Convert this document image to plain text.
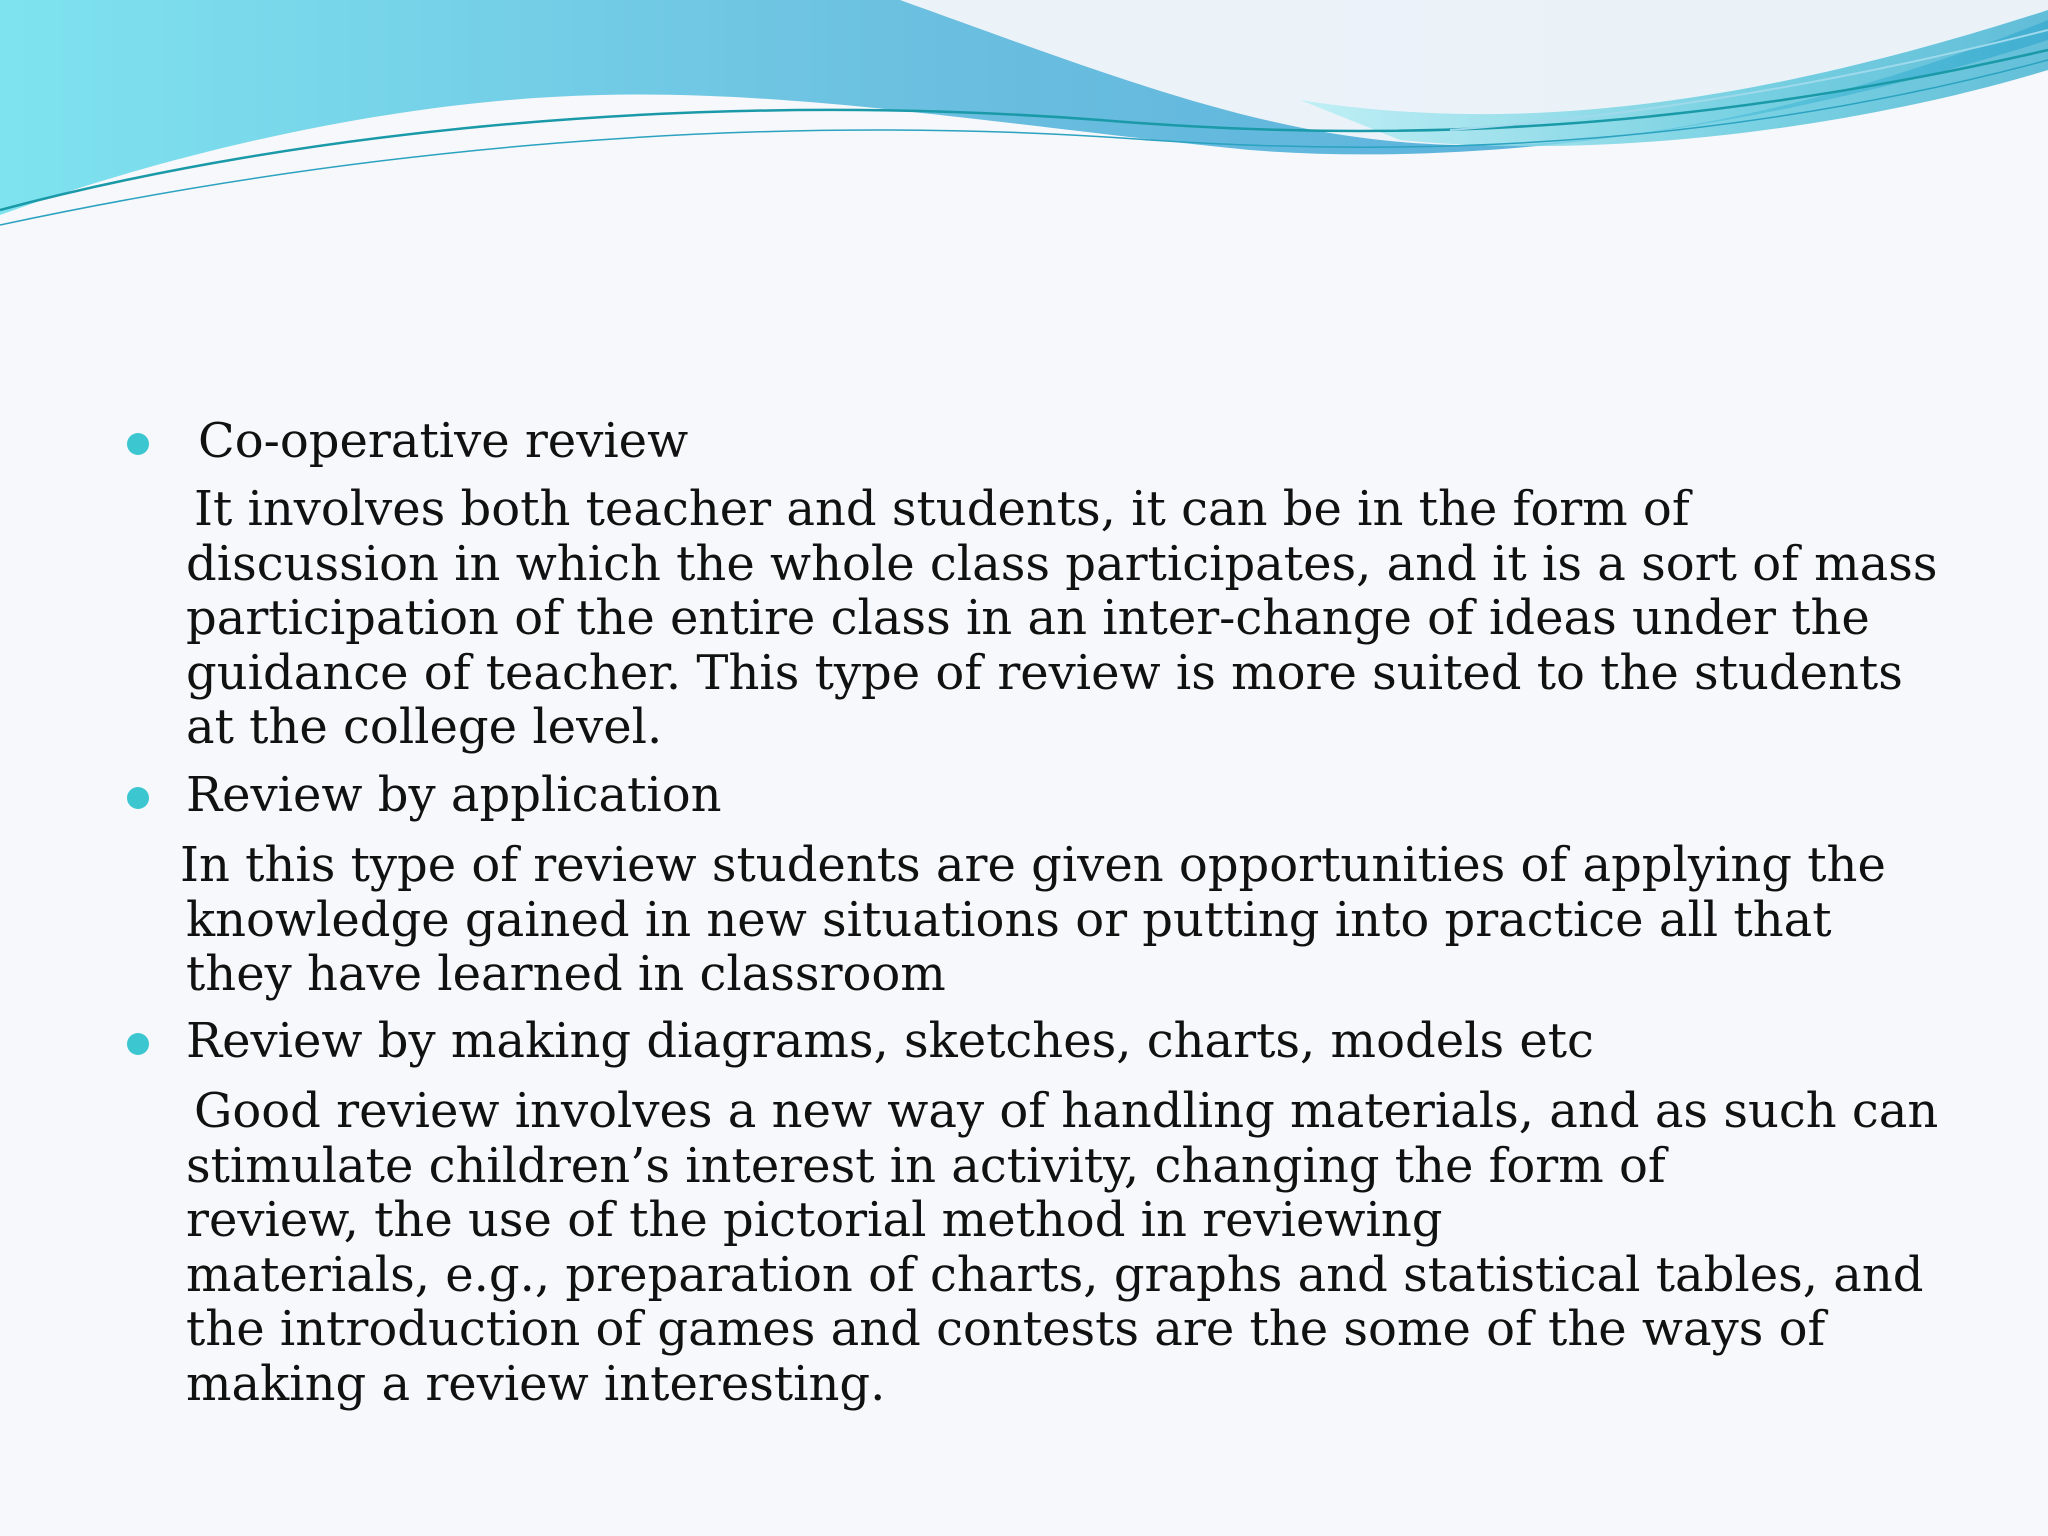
Co-operative review
It involves both teacher and students, it can be in the form of
discussion in which the whole class participates, and it is a sort of mass
participation of the entire class in an inter-change of ideas under the
guidance of teacher. This type of review is more suited to the students
at the college level.
Review by application
In this type of review students are given opportunities of applying the
knowledge gained in new situations or putting into practice all that
they have learned in classroom
Review by making diagrams, sketches, charts, models etc
Good review involves a new way of handling materials, and as such can
stimulate children’s interest in activity, changing the form of
review, the use of the pictorial method in reviewing
materials, e.g., preparation of charts, graphs and statistical tables, and
the introduction of games and contests are the some of the ways of
making a review interesting.
